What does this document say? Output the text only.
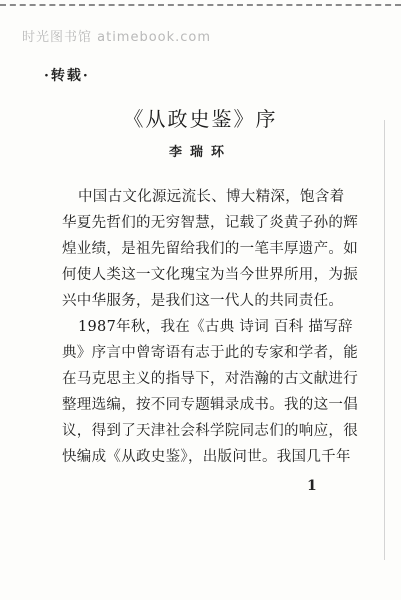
时光图书馆 atimebook.com
·转载·
《从政史鉴》序
李瑞环
中国古文化源远流长、博大精深，饱含着
华夏先哲们的无穷智慧，记载了炎黄子孙的辉
煌业绩，是祖先留给我们的一笔丰厚遗产。如
何使人类这一文化瑰宝为当今世界所用，为振
兴中华服务，是我们这一代人的共同责任。
1987年秋，我在《古典 诗词 百科 描写辞
典》序言中曾寄语有志于此的专家和学者，能
在马克思主义的指导下，对浩瀚的古文献进行
整理选编，按不同专题辑录成书。我的这一倡
议，得到了天津社会科学院同志们的响应，很
快编成《从政史鉴》，出版问世。我国几千年
1
